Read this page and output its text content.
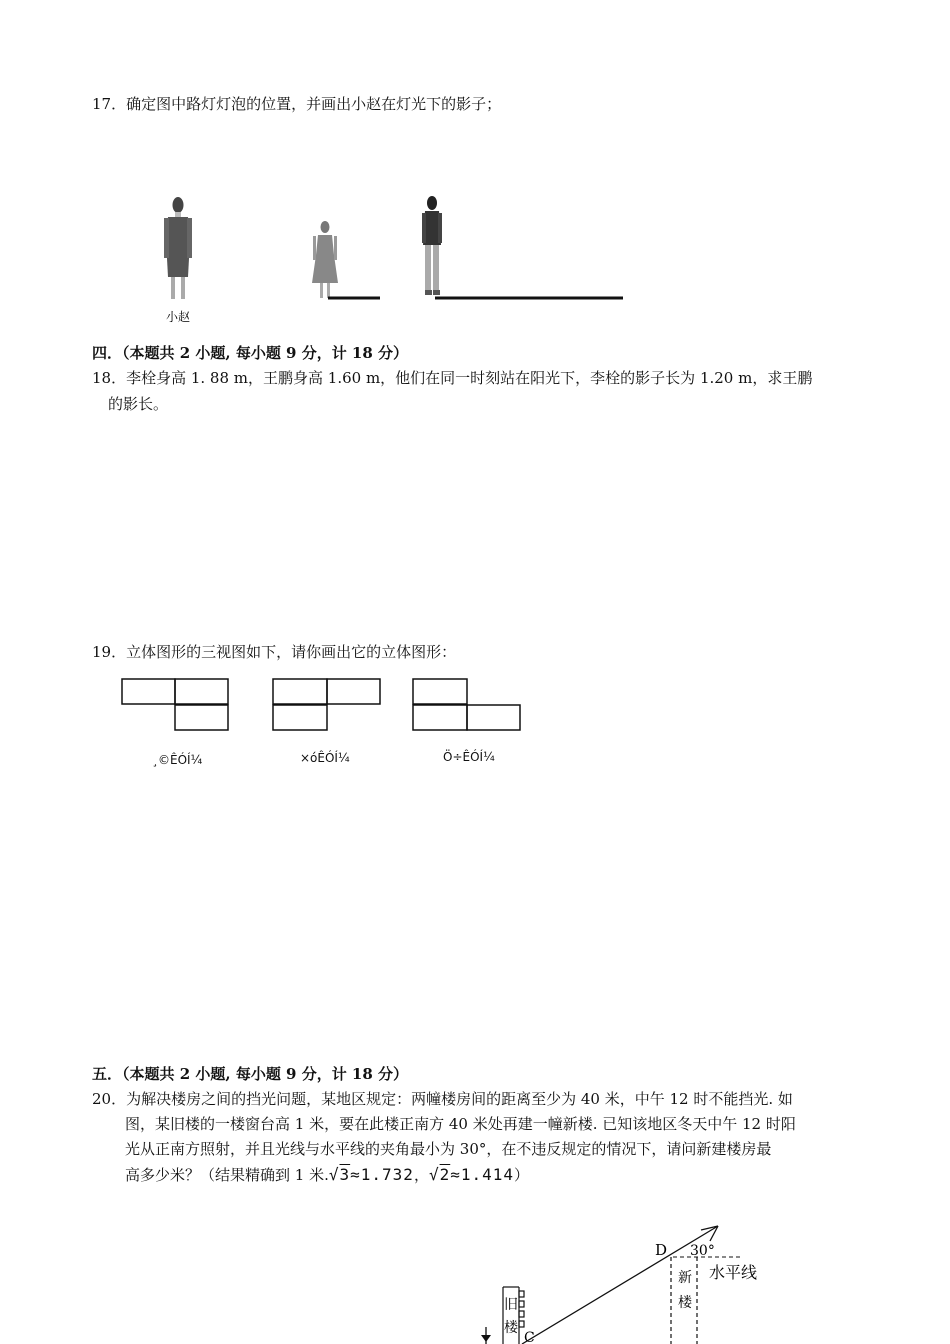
17．确定图中路灯灯泡的位置，并画出小赵在灯光下的影子；
小赵
四．（本题共 2 小题, 每小题 9 分，计 18 分）
18．李栓身高 1. 88 m，王鹏身高 1.60 m，他们在同一时刻站在阳光下，李栓的影子长为 1.20 m，求王鹏
的影长。
19．立体图形的三视图如下，请你画出它的立体图形：
¸©ÊÓÍ¼	×óÊÓÍ¼	Ö÷ÊÓÍ¼
五．（本题共 2 小题, 每小题 9 分，计 18 分）
20．为解决楼房之间的挡光问题，某地区规定：两幢楼房间的距离至少为 40 米，中午 12 时不能挡光. 如
图，某旧楼的一楼窗台高 1 米，要在此楼正南方 40 米处再建一幢新楼. 已知该地区冬天中午 12 时阳
光从正南方照射，并且光线与水平线的夹角最小为 30°，在不违反规定的情况下，请问新建楼房最
高多少米？（结果精确到 1 米.√3≈1.732，√2≈1.414）
D 30°
水平线
新
楼
旧
楼
C
